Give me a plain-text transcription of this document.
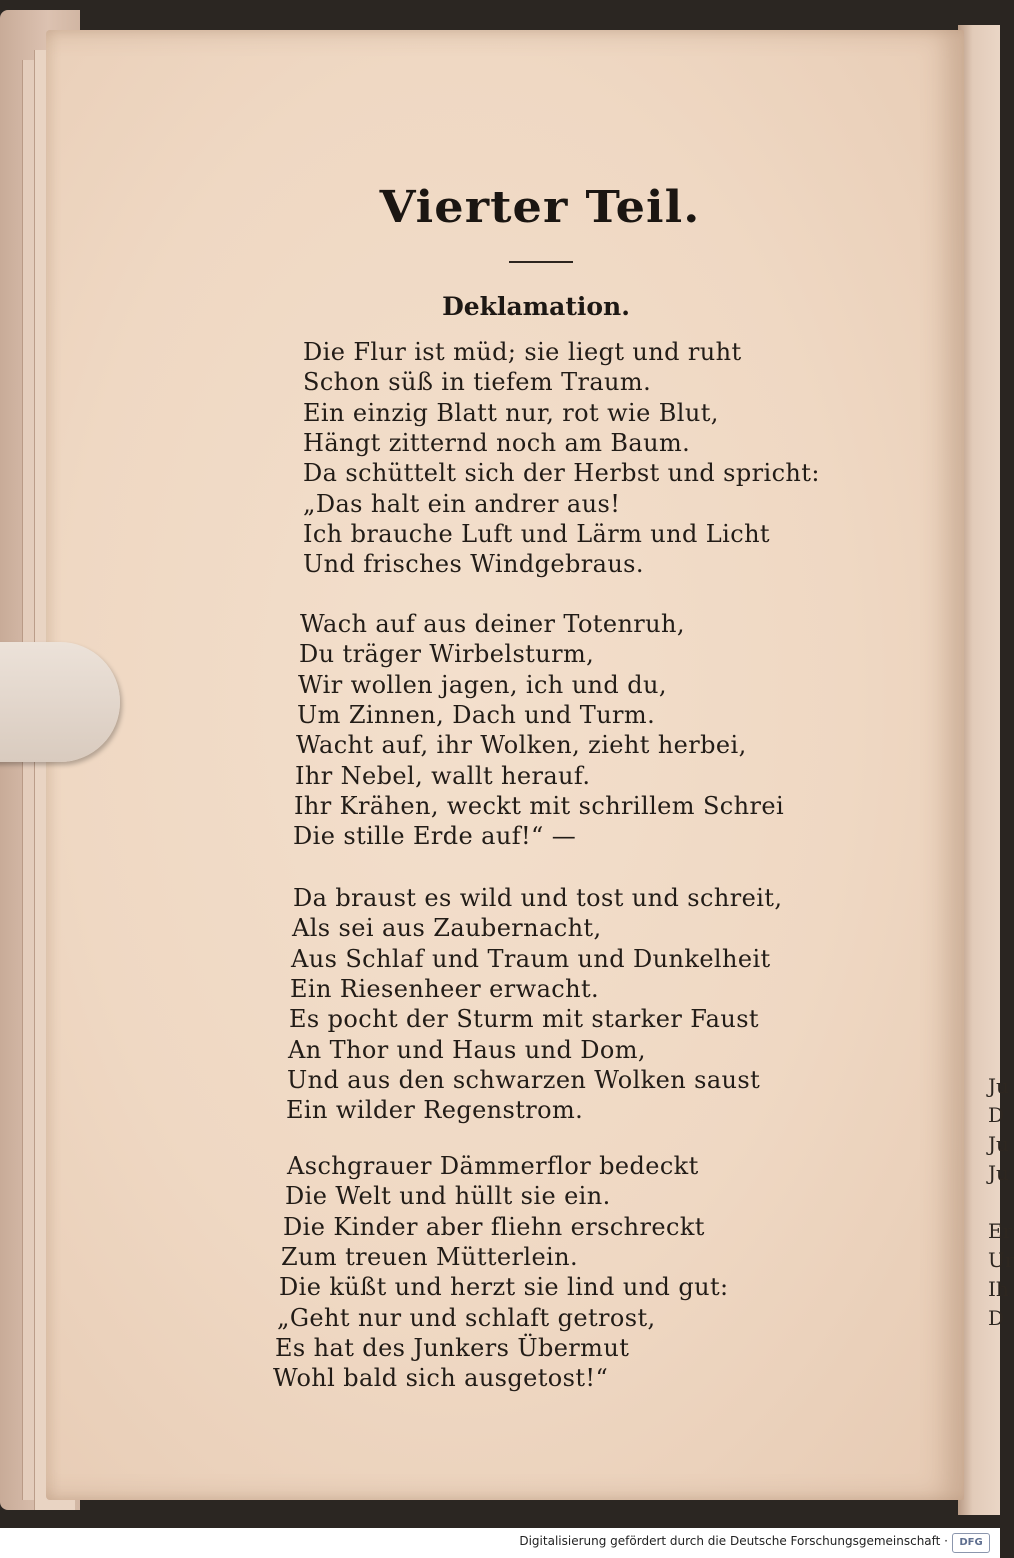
Ju
D
Ju
Ju
Er
Ur
Ih
D
Vierter Teil.
Deklamation.
Die Flur ist müd; sie liegt und ruht
Schon süß in tiefem Traum.
Ein einzig Blatt nur, rot wie Blut,
Hängt zitternd noch am Baum.
Da schüttelt sich der Herbst und spricht:
„Das halt ein andrer aus!
Ich brauche Luft und Lärm und Licht
Und frisches Windgebraus.
Wach auf aus deiner Totenruh,
Du träger Wirbelsturm,
Wir wollen jagen, ich und du,
Um Zinnen, Dach und Turm.
Wacht auf, ihr Wolken, zieht herbei,
Ihr Nebel, wallt herauf.
Ihr Krähen, weckt mit schrillem Schrei
Die stille Erde auf!“ —
Da braust es wild und tost und schreit,
Als sei aus Zaubernacht,
Aus Schlaf und Traum und Dunkelheit
Ein Riesenheer erwacht.
Es pocht der Sturm mit starker Faust
An Thor und Haus und Dom,
Und aus den schwarzen Wolken saust
Ein wilder Regenstrom.
Aschgrauer Dämmerflor bedeckt
Die Welt und hüllt sie ein.
Die Kinder aber fliehn erschreckt
Zum treuen Mütterlein.
Die küßt und herzt sie lind und gut:
„Geht nur und schlaft getrost,
Es hat des Junkers Übermut
Wohl bald sich ausgetost!“
Digitalisierung gefördert durch die Deutsche Forschungsgemeinschaft ·	DFG
